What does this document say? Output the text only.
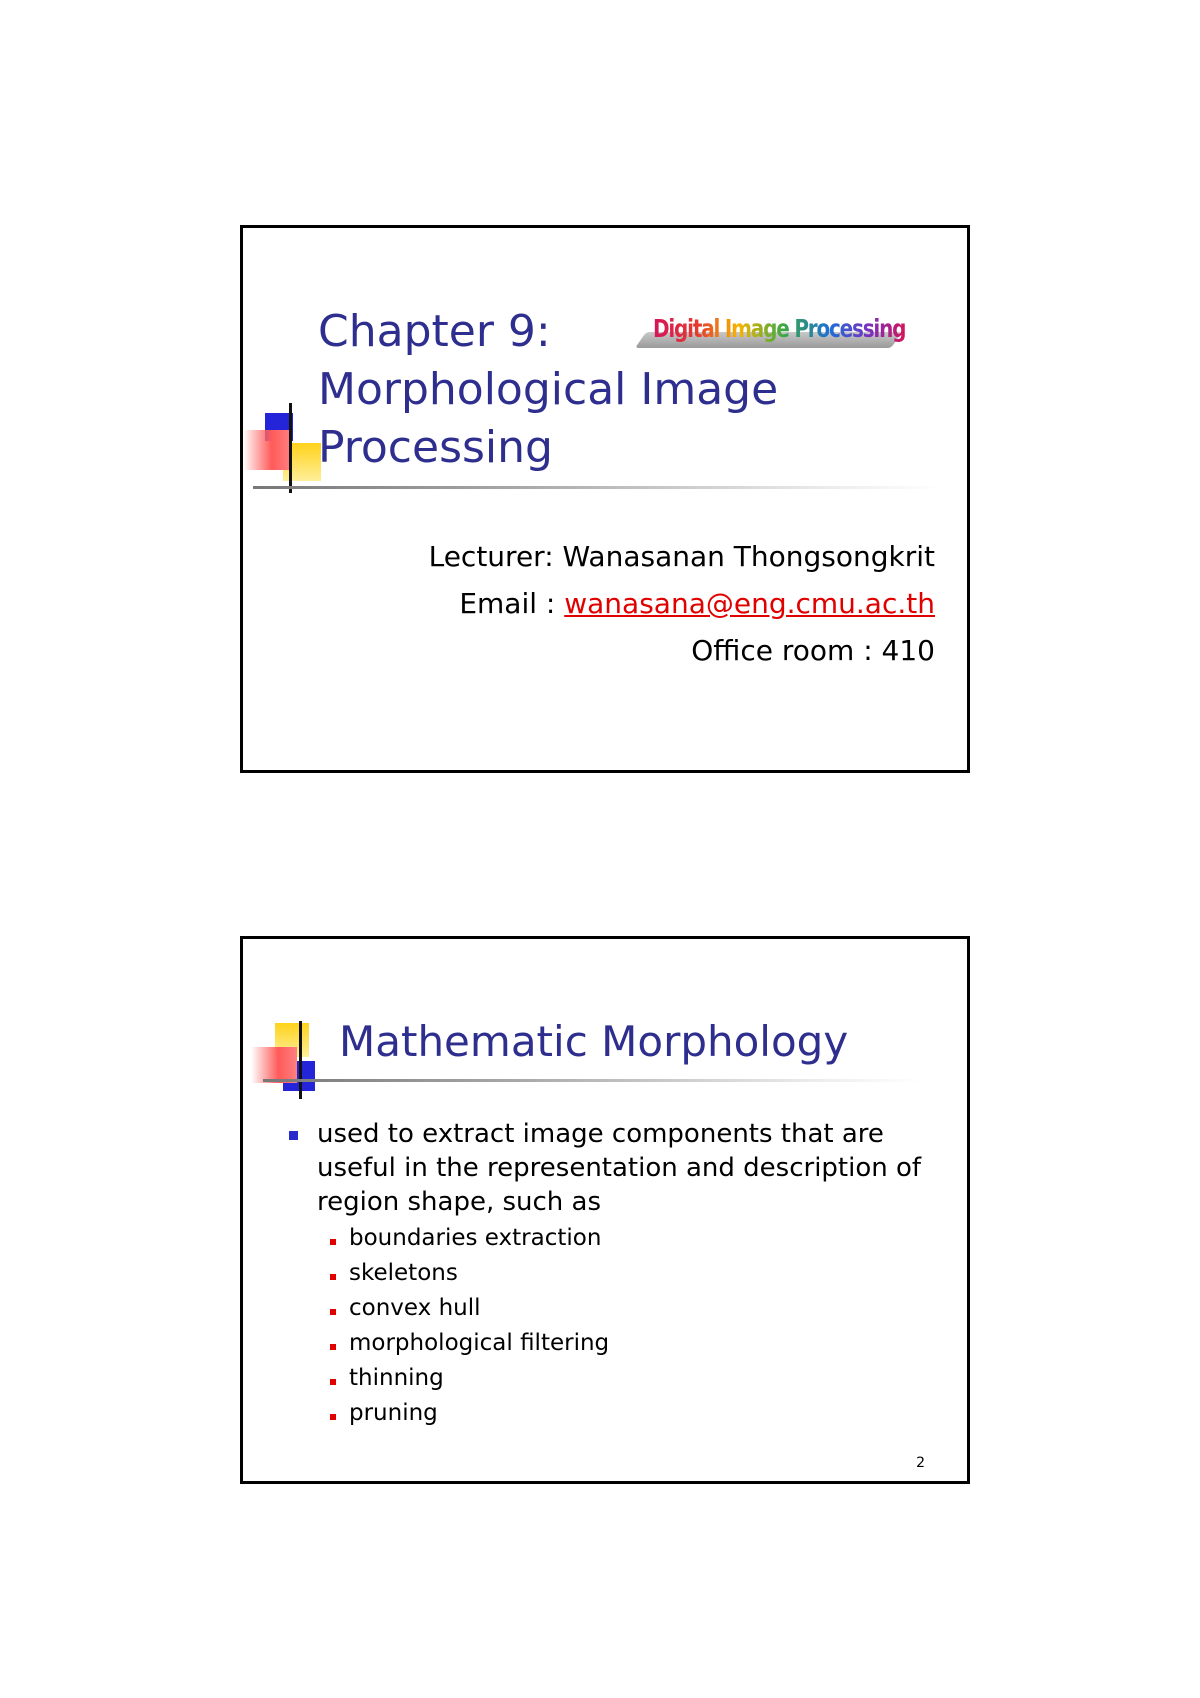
Chapter 9:
Morphological Image
Processing
Digital Image Processing

Lecturer: Wanasanan Thongsongkrit

Email : wanasana@eng.cmu.ac.th

Office room : 410

Mathematic Morphology
used to extract image components that are useful in the representation and description of region shape, such as
boundaries extraction
skeletons
convex hull
morphological filtering
thinning
pruning
2
